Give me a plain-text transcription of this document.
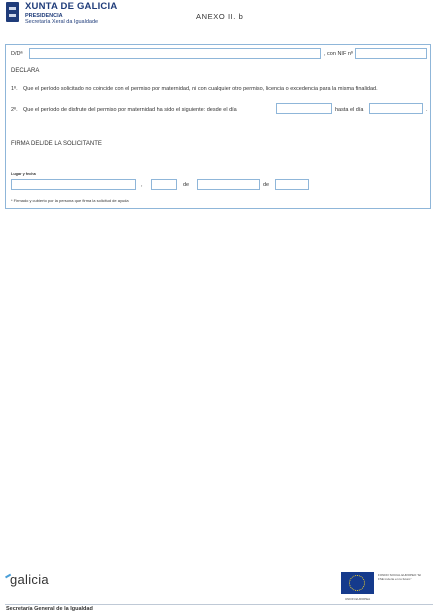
XUNTA DE GALICIA
PRESIDENCIA
Secretaría Xeral da Igualdade
ANEXO II. b
D/Dª	, con NIF nº
DECLARA
1º. Que el período solicitado no coincide con el permiso por maternidad, ni con cualquier otro permiso, licencia o excedencia para la misma finalidad.
2º. Que el período de disfrute del permiso por maternidad ha sido el siguiente: desde el día	hasta el día	.
FIRMA DEL/DE LA SOLICITANTE
Lugar y fecha
,	de	de
* Firmado y cubierto por la persona que firma la solicitud de ayuda
galicia	FONDO SOCIAL EUROPEO "El FSE invierte en tu futuro"
UNION EUROPEA
Secretaría General de la Igualdad
